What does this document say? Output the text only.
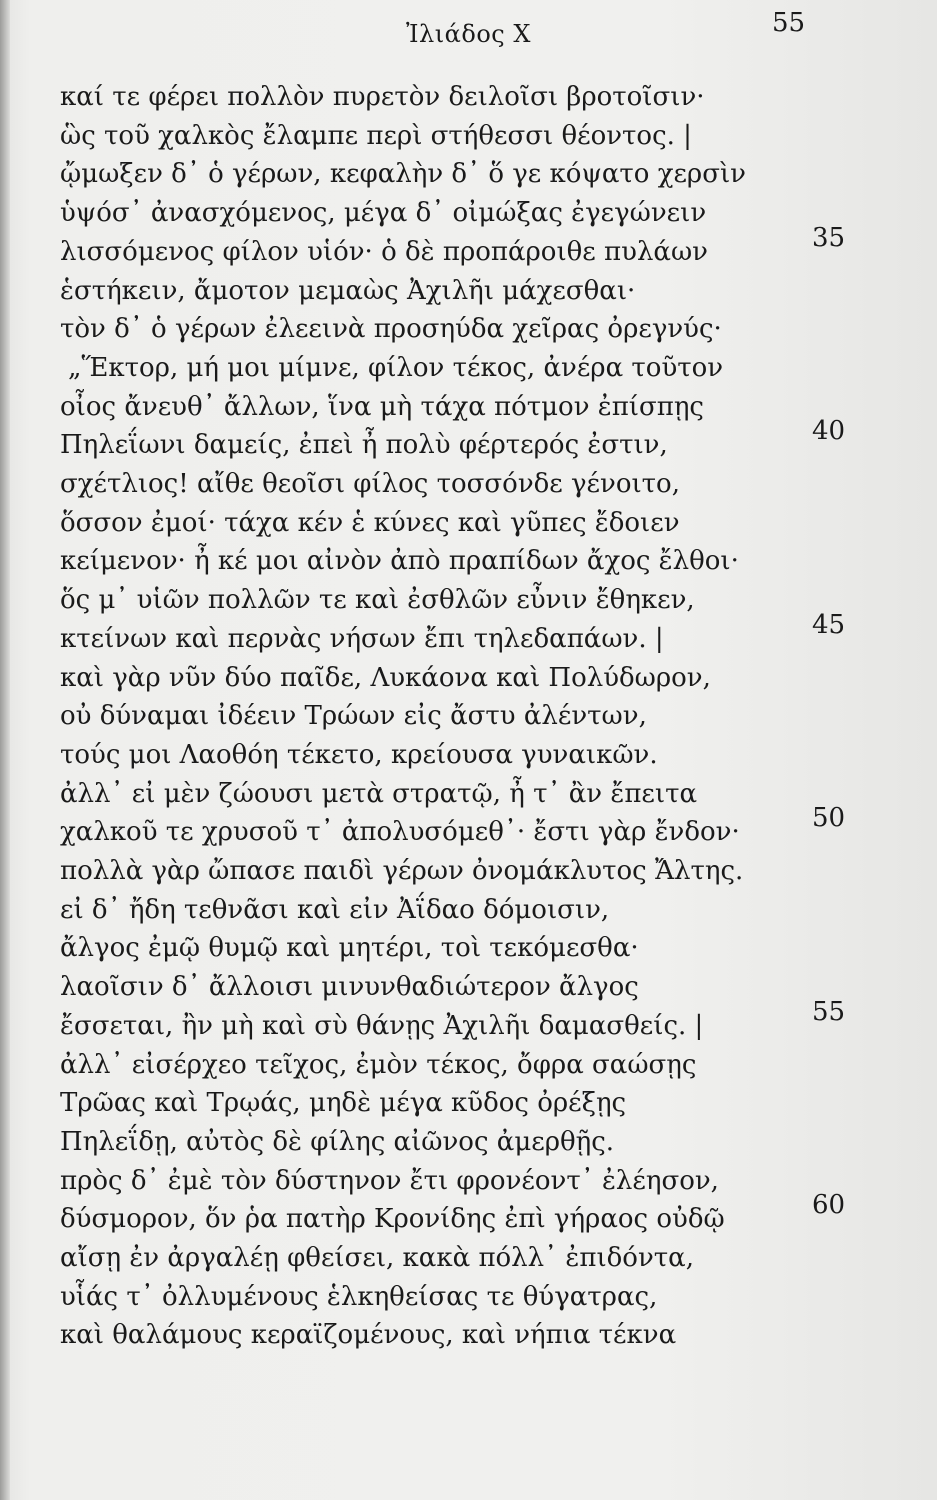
Ἰλιάδος X	55
καί τε φέρει πολλὸν πυρετὸν δειλοῖσι βροτοῖσιν·
ὣς τοῦ χαλκὸς ἔλαμπε περὶ στήθεσσι θέοντος. |
ᾤμωξεν δ᾽ ὁ γέρων, κεφαλὴν δ᾽ ὅ γε κόψατο χερσὶν
ὑψόσ᾽ ἀνασχόμενος, μέγα δ᾽ οἰμώξας ἐγεγώνειν
λισσόμενος φίλον υἱόν· ὁ δὲ προπάροιθε πυλάων
ἑστήκειν, ἄμοτον μεμαὼς Ἀχιλῆι μάχεσθαι·
τὸν δ᾽ ὁ γέρων ἐλεεινὰ προσηύδα χεῖρας ὀρεγνύς·
„Ἕκτορ, μή μοι μίμνε, φίλον τέκος, ἀνέρα τοῦτον
οἶος ἄνευθ᾽ ἄλλων, ἵνα μὴ τάχα πότμον ἐπίσπῃς
Πηλεΐωνι δαμείς, ἐπεὶ ἦ πολὺ φέρτερός ἐστιν,
σχέτλιος! αἴθε θεοῖσι φίλος τοσσόνδε γένοιτο,
ὅσσον ἐμοί· τάχα κέν ἑ κύνες καὶ γῦπες ἔδοιεν
κείμενον· ἦ κέ μοι αἰνὸν ἀπὸ πραπίδων ἄχος ἔλθοι·
ὅς μ᾽ υἱῶν πολλῶν τε καὶ ἐσθλῶν εὖνιν ἔθηκεν,
κτείνων καὶ περνὰς νήσων ἔπι τηλεδαπάων. |
καὶ γὰρ νῦν δύο παῖδε, Λυκάονα καὶ Πολύδωρον,
οὐ δύναμαι ἰδέειν Τρώων εἰς ἄστυ ἀλέντων,
τούς μοι Λαοθόη τέκετο, κρείουσα γυναικῶν.
ἀλλ᾽ εἰ μὲν ζώουσι μετὰ στρατῷ, ἦ τ᾽ ἂν ἔπειτα
χαλκοῦ τε χρυσοῦ τ᾽ ἀπολυσόμεθ᾽· ἔστι γὰρ ἔνδον·
πολλὰ γὰρ ὤπασε παιδὶ γέρων ὀνομάκλυτος Ἄλτης.
εἰ δ᾽ ἤδη τεθνᾶσι καὶ εἰν Ἀΐδαο δόμοισιν,
ἄλγος ἐμῷ θυμῷ καὶ μητέρι, τοὶ τεκόμεσθα·
λαοῖσιν δ᾽ ἄλλοισι μινυνθαδιώτερον ἄλγος
ἔσσεται, ἢν μὴ καὶ σὺ θάνῃς Ἀχιλῆι δαμασθείς. |
ἀλλ᾽ εἰσέρχεο τεῖχος, ἐμὸν τέκος, ὄφρα σαώσῃς
Τρῶας καὶ Τρῳάς, μηδὲ μέγα κῦδος ὀρέξῃς
Πηλεΐδῃ, αὐτὸς δὲ φίλης αἰῶνος ἀμερθῇς.
πρὸς δ᾽ ἐμὲ τὸν δύστηνον ἔτι φρονέοντ᾽ ἐλέησον,
δύσμορον, ὅν ῥα πατὴρ Κρονίδης ἐπὶ γήραος οὐδῷ
αἴσῃ ἐν ἀργαλέῃ φθείσει, κακὰ πόλλ᾽ ἐπιδόντα,
υἷάς τ᾽ ὀλλυμένους ἑλκηθείσας τε θύγατρας,
καὶ θαλάμους κεραϊζομένους, καὶ νήπια τέκνα
35
40
45
50
55
60
